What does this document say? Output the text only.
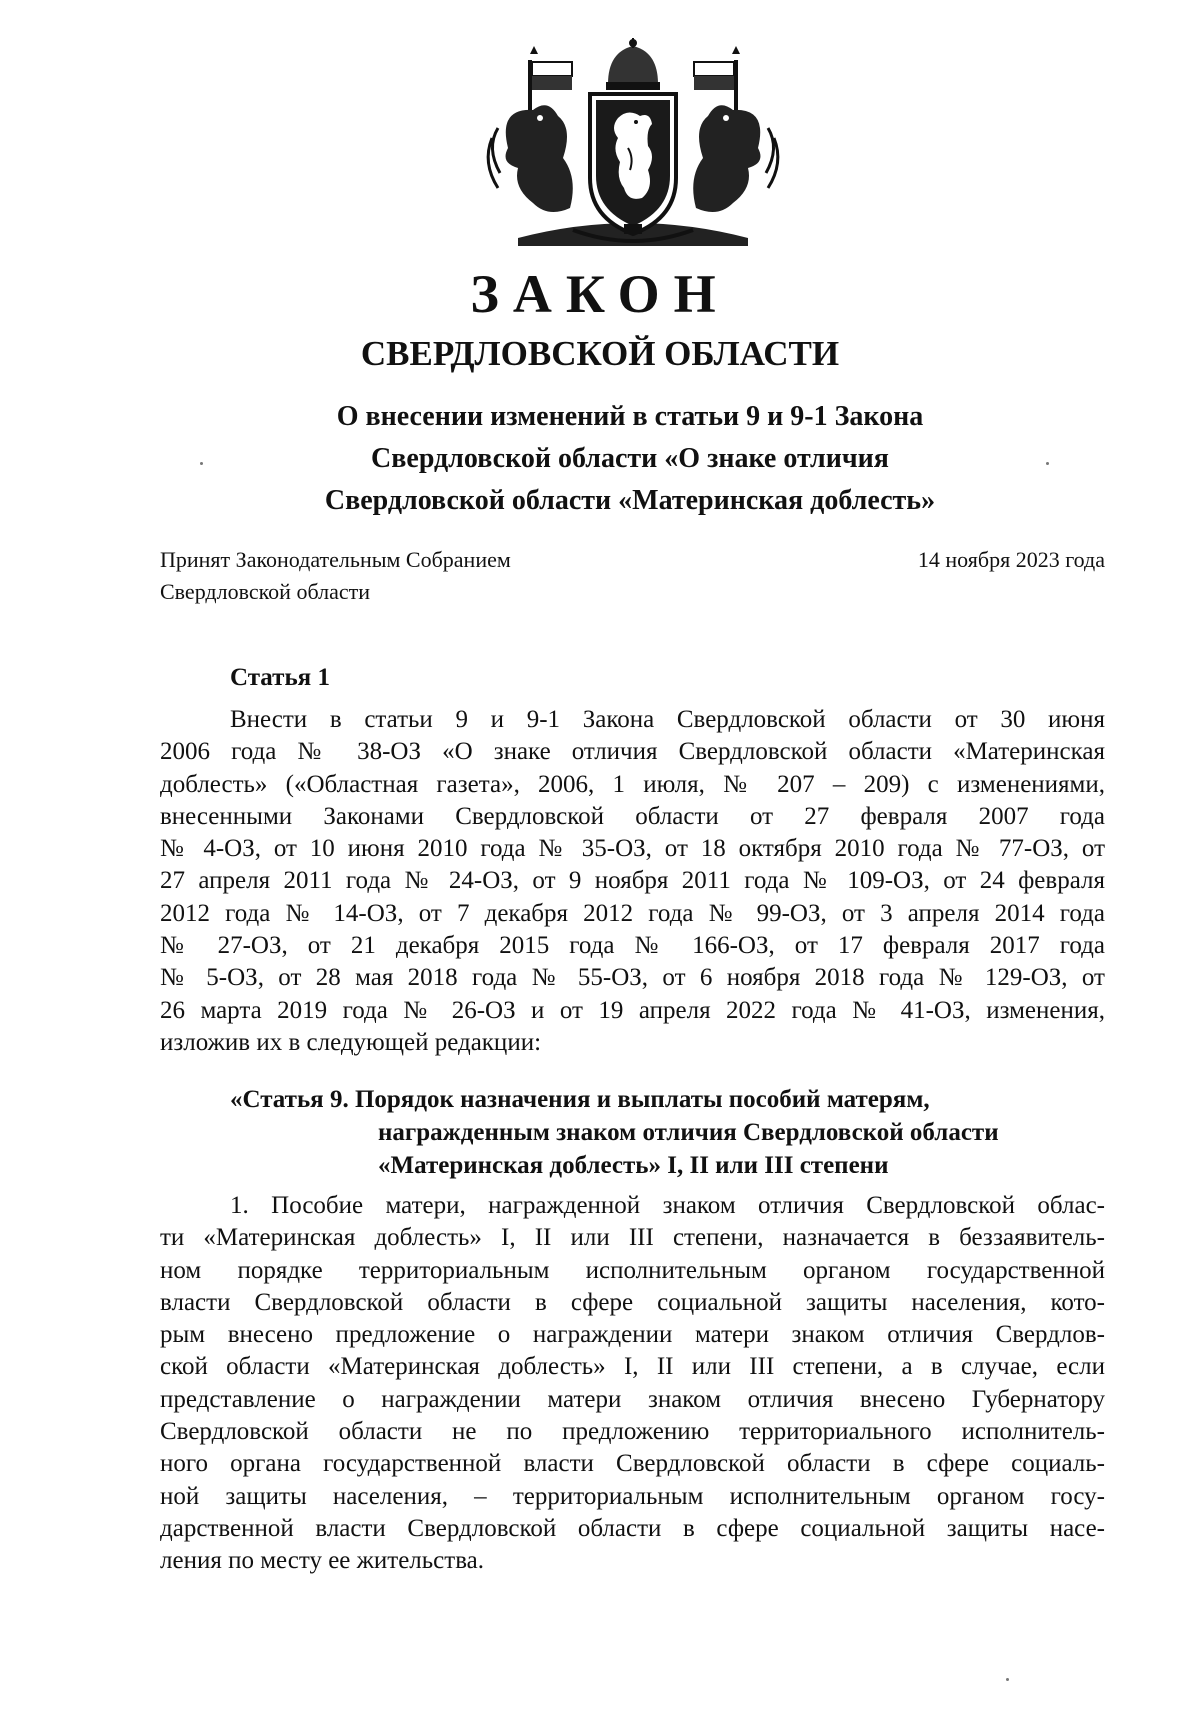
ЗАКОН
СВЕРДЛОВСКОЙ ОБЛАСТИ
О внесении изменений в статьи 9 и 9-1 Закона
Свердловской области «О знаке отличия
Свердловской области «Материнская доблесть»
Принят Законодательным Собранием
Свердловской области
14 ноября 2023 года
Статья 1
Внести в статьи 9 и 9-1 Закона Свердловской области от 30 июня
2006 года № 38-ОЗ «О знаке отличия Свердловской области «Материнская
доблесть» («Областная газета», 2006, 1 июля, № 207 – 209) с изменениями,
внесенными Законами Свердловской области от 27 февраля 2007 года
№ 4-ОЗ, от 10 июня 2010 года № 35-ОЗ, от 18 октября 2010 года № 77-ОЗ, от
27 апреля 2011 года № 24-ОЗ, от 9 ноября 2011 года № 109-ОЗ, от 24 февраля
2012 года № 14-ОЗ, от 7 декабря 2012 года № 99-ОЗ, от 3 апреля 2014 года
№ 27-ОЗ, от 21 декабря 2015 года № 166-ОЗ, от 17 февраля 2017 года
№ 5-ОЗ, от 28 мая 2018 года № 55-ОЗ, от 6 ноября 2018 года № 129-ОЗ, от
26 марта 2019 года № 26-ОЗ и от 19 апреля 2022 года № 41-ОЗ, изменения,
изложив их в следующей редакции:
«Статья 9. Порядок назначения и выплаты пособий матерям,
награжденным знаком отличия Свердловской области
«Материнская доблесть» I, II или III степени
1. Пособие матери, награжденной знаком отличия Свердловской облас-
ти «Материнская доблесть» I, II или III степени, назначается в беззаявитель-
ном порядке территориальным исполнительным органом государственной
власти Свердловской области в сфере социальной защиты населения, кото-
рым внесено предложение о награждении матери знаком отличия Свердлов-
ской области «Материнская доблесть» I, II или III степени, а в случае, если
представление о награждении матери знаком отличия внесено Губернатору
Свердловской области не по предложению территориального исполнитель-
ного органа государственной власти Свердловской области в сфере социаль-
ной защиты населения, – территориальным исполнительным органом госу-
дарственной власти Свердловской области в сфере социальной защиты насе-
ления по месту ее жительства.
